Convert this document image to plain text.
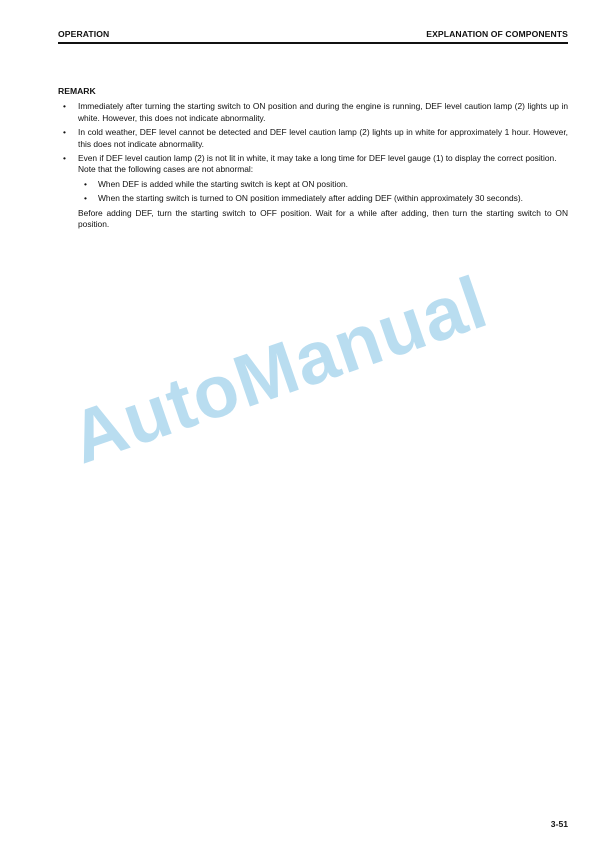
OPERATION	EXPLANATION OF COMPONENTS
REMARK
• Immediately after turning the starting switch to ON position and during the engine is running, DEF level caution lamp (2) lights up in white. However, this does not indicate abnormality.
• In cold weather, DEF level cannot be detected and DEF level caution lamp (2) lights up in white for approximately 1 hour. However, this does not indicate abnormality.
• Even if DEF level caution lamp (2) is not lit in white, it may take a long time for DEF level gauge (1) to display the correct position.
Note that the following cases are not abnormal:
• When DEF is added while the starting switch is kept at ON position.
• When the starting switch is turned to ON position immediately after adding DEF (within approximately 30 seconds).
Before adding DEF, turn the starting switch to OFF position. Wait for a while after adding, then turn the starting switch to ON position.
AutoManual
3-51
